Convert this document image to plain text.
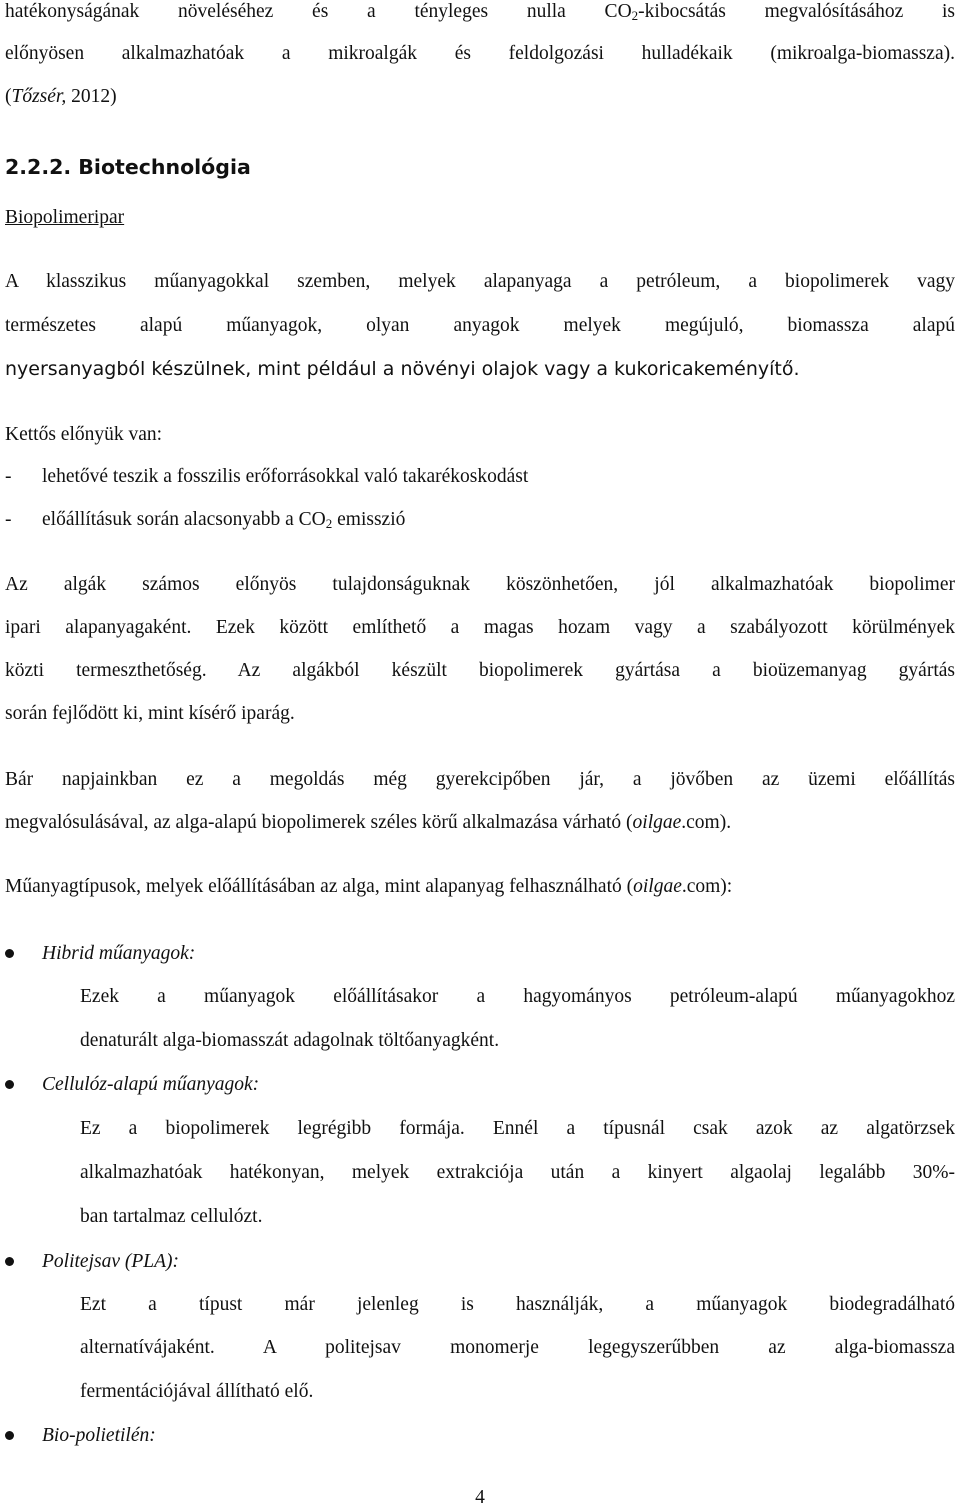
hatékonyságának növeléséhez és a tényleges nulla $CO_2$-kibocsátás megvalósításához is
előnyösen alkalmazhatóak a mikroalgák és feldolgozási hulladékaik (mikroalga-biomassza).
(Tőzsér, 2012)
2.2.2. Biotechnológia
Biopolimeripar
A klasszikus műanyagokkal szemben, melyek alapanyaga a petróleum, a biopolimerek vagy
természetes alapú műanyagok, olyan anyagok melyek megújuló, biomassza alapú
nyersanyagból készülnek, mint például a növényi olajok vagy a kukoricakeményítő.
Kettős előnyük van:
- lehetővé teszik a fosszilis erőforrásokkal való takarékoskodást
- előállításuk során alacsonyabb a $CO_2$ emisszió
Az algák számos előnyös tulajdonságuknak köszönhetően, jól alkalmazhatóak biopolimer
ipari alapanyagaként. Ezek között említhető a magas hozam vagy a szabályozott körülmények
közti termeszthetőség. Az algákból készült biopolimerek gyártása a bioüzemanyag gyártás
során fejlődött ki, mint kísérő iparág.
Bár napjainkban ez a megoldás még gyerekcipőben jár, a jövőben az üzemi előállítás
megvalósulásával, az alga-alapú biopolimerek széles körű alkalmazása várható (oilgae.com).
Műanyagtípusok, melyek előállításában az alga, mint alapanyag felhasználható (oilgae.com):
Hibrid műanyagok:
Ezek a műanyagok előállításakor a hagyományos petróleum-alapú műanyagokhoz
denaturált alga-biomasszát adagolnak töltőanyagként.
Cellulóz-alapú műanyagok:
Ez a biopolimerek legrégibb formája. Ennél a típusnál csak azok az algatörzsek
alkalmazhatóak hatékonyan, melyek extrakciója után a kinyert algaolaj legalább 30%-
ban tartalmaz cellulózt.
Politejsav (PLA):
Ezt a típust már jelenleg is használják, a műanyagok biodegradálható
alternatívájaként. A politejsav monomerje legegyszerűbben az alga-biomassza
fermentációjával állítható elő.
Bio-polietilén:
4
